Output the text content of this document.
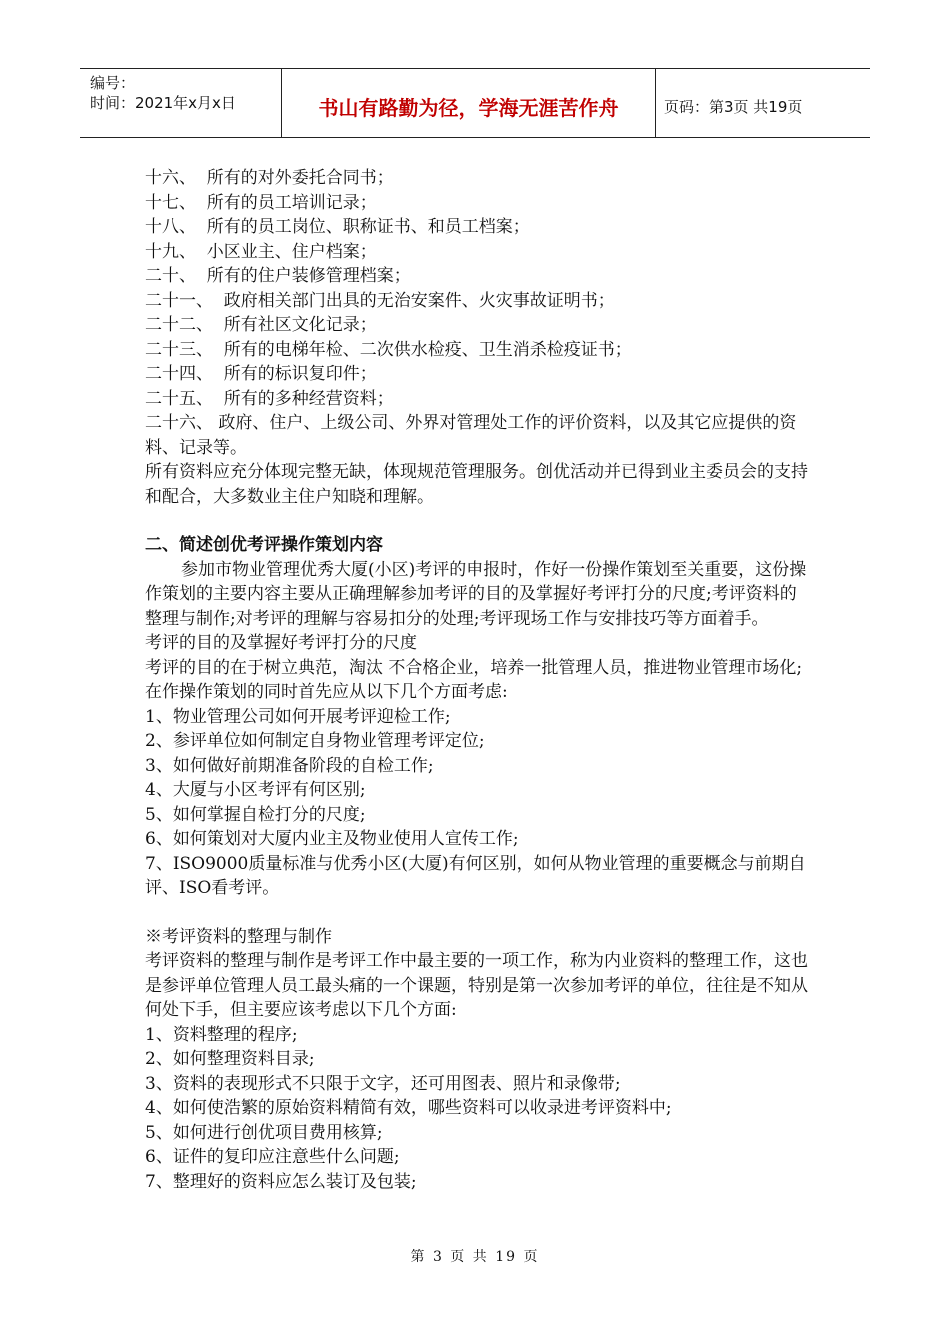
编号：
时间：2021年x月x日	书山有路勤为径，学海无涯苦作舟	页码：第3页 共19页
十六、  所有的对外委托合同书；
十七、  所有的员工培训记录；
十八、  所有的员工岗位、职称证书、和员工档案；
十九、  小区业主、住户档案；
二十、  所有的住户装修管理档案；
二十一、  政府相关部门出具的无治安案件、火灾事故证明书；
二十二、  所有社区文化记录；
二十三、  所有的电梯年检、二次供水检疫、卫生消杀检疫证书；
二十四、  所有的标识复印件；
二十五、  所有的多种经营资料；
二十六、 政府、住户、上级公司、外界对管理处工作的评价资料，以及其它应提供的资料、记录等。
所有资料应充分体现完整无缺，体现规范管理服务。创优活动并已得到业主委员会的支持和配合，大多数业主住户知晓和理解。
二、简述创优考评操作策划内容
参加市物业管理优秀大厦(小区)考评的申报时，作好一份操作策划至关重要，这份操作策划的主要内容主要从正确理解参加考评的目的及掌握好考评打分的尺度;考评资料的整理与制作;对考评的理解与容易扣分的处理;考评现场工作与安排技巧等方面着手。
考评的目的及掌握好考评打分的尺度
考评的目的在于树立典范，淘汰 不合格企业，培养一批管理人员，推进物业管理市场化;在作操作策划的同时首先应从以下几个方面考虑:
1、物业管理公司如何开展考评迎检工作;
2、参评单位如何制定自身物业管理考评定位;
3、如何做好前期准备阶段的自检工作;
4、大厦与小区考评有何区别;
5、如何掌握自检打分的尺度;
6、如何策划对大厦内业主及物业使用人宣传工作;
7、ISO9000质量标准与优秀小区(大厦)有何区别，如何从物业管理的重要概念与前期自评、ISO看考评。
※考评资料的整理与制作
考评资料的整理与制作是考评工作中最主要的一项工作，称为内业资料的整理工作，这也是参评单位管理人员工最头痛的一个课题，特别是第一次参加考评的单位，往往是不知从何处下手，但主要应该考虑以下几个方面:
1、资料整理的程序;
2、如何整理资料目录;
3、资料的表现形式不只限于文字，还可用图表、照片和录像带;
4、如何使浩繁的原始资料精简有效，哪些资料可以收录进考评资料中;
5、如何进行创优项目费用核算;
6、证件的复印应注意些什么问题;
7、整理好的资料应怎么装订及包装;
第 3 页 共 19 页
